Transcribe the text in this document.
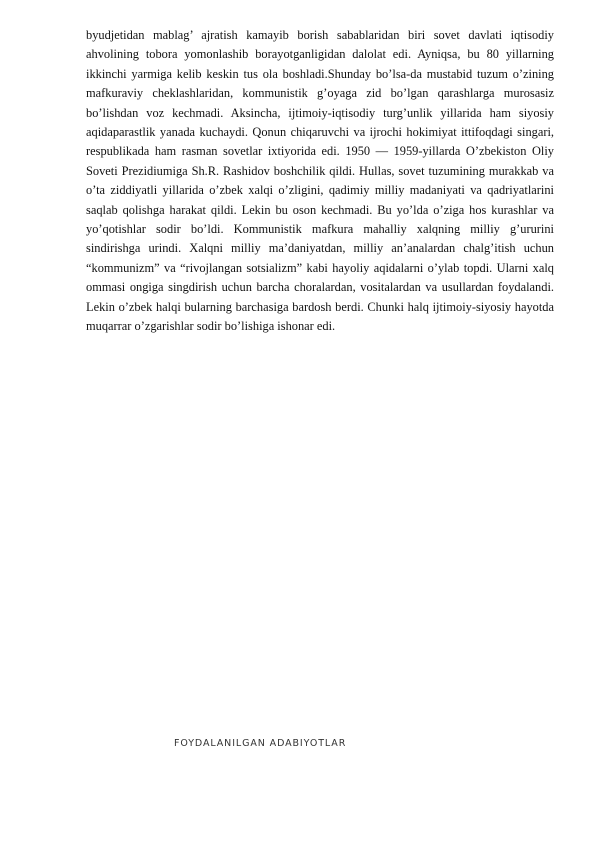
byudjetidan mablag’ ajratish kamayib borish sabablaridan biri sovet davlati iqtisodiy ahvolining tobora yomonlashib borayotganligidan dalolat edi. Ayniqsa, bu 80 yillarning ikkinchi yarmiga kelib keskin tus ola boshladi.Shunday bo’lsa-da mustabid tuzum o’zining mafkuraviy cheklashlaridan, kommunistik g’oyaga zid bo’lgan qarashlarga murosasiz bo’lishdan voz kechmadi. Aksincha, ijtimoiy-iqtisodiy turg’unlik yillarida ham siyosiy aqidaparastlik yanada kuchaydi. Qonun chiqaruvchi va ijrochi hokimiyat ittifoqdagi singari, respublikada ham rasman sovetlar ixtiyorida edi. 1950 — 1959-yillarda O’zbekiston Oliy Soveti Prezidiumiga Sh.R. Rashidov boshchilik qildi. Hullas, sovet tuzumining murakkab va o’ta ziddiyatli yillarida o’zbek xalqi o’zligini, qadimiy milliy madaniyati va qadriyatlarini saqlab qolishga harakat qildi. Lekin bu oson kechmadi. Bu yo’lda o’ziga hos kurashlar va yo’qotishlar sodir bo’ldi. Kommunistik mafkura mahalliy xalqning milliy g’ururini sindirishga urindi. Xalqni milliy ma’daniyatdan, milliy an’analardan chalg’itish uchun “kommunizm” va “rivojlangan sotsializm” kabi hayoliy aqidalarni o’ylab topdi. Ularni xalq ommasi ongiga singdirish uchun barcha choralardan, vositalardan va usullardan foydalandi. Lekin o’zbek halqi bularning barchasiga bardosh berdi. Chunki halq ijtimoiy-siyosiy hayotda muqarrar o’zgarishlar sodir bo’lishiga ishonar edi.

FOYDALANILGAN ADABIYOTLAR
